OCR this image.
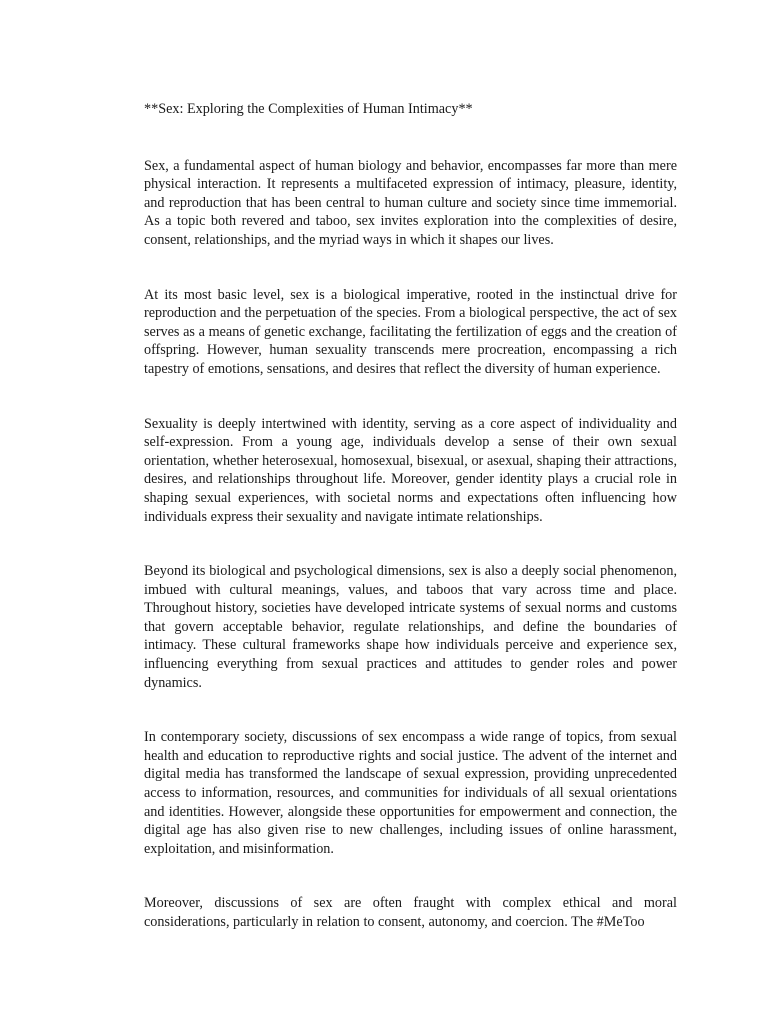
**Sex: Exploring the Complexities of Human Intimacy**

Sex, a fundamental aspect of human biology and behavior, encompasses far more than mere physical interaction. It represents a multifaceted expression of intimacy, pleasure, identity, and reproduction that has been central to human culture and society since time immemorial. As a topic both revered and taboo, sex invites exploration into the complexities of desire, consent, relationships, and the myriad ways in which it shapes our lives.

At its most basic level, sex is a biological imperative, rooted in the instinctual drive for reproduction and the perpetuation of the species. From a biological perspective, the act of sex serves as a means of genetic exchange, facilitating the fertilization of eggs and the creation of offspring. However, human sexuality transcends mere procreation, encompassing a rich tapestry of emotions, sensations, and desires that reflect the diversity of human experience.

Sexuality is deeply intertwined with identity, serving as a core aspect of individuality and self-expression. From a young age, individuals develop a sense of their own sexual orientation, whether heterosexual, homosexual, bisexual, or asexual, shaping their attractions, desires, and relationships throughout life. Moreover, gender identity plays a crucial role in shaping sexual experiences, with societal norms and expectations often influencing how individuals express their sexuality and navigate intimate relationships.

Beyond its biological and psychological dimensions, sex is also a deeply social phenomenon, imbued with cultural meanings, values, and taboos that vary across time and place. Throughout history, societies have developed intricate systems of sexual norms and customs that govern acceptable behavior, regulate relationships, and define the boundaries of intimacy. These cultural frameworks shape how individuals perceive and experience sex, influencing everything from sexual practices and attitudes to gender roles and power dynamics.

In contemporary society, discussions of sex encompass a wide range of topics, from sexual health and education to reproductive rights and social justice. The advent of the internet and digital media has transformed the landscape of sexual expression, providing unprecedented access to information, resources, and communities for individuals of all sexual orientations and identities. However, alongside these opportunities for empowerment and connection, the digital age has also given rise to new challenges, including issues of online harassment, exploitation, and misinformation.

Moreover, discussions of sex are often fraught with complex ethical and moral considerations, particularly in relation to consent, autonomy, and coercion. The #MeToo
